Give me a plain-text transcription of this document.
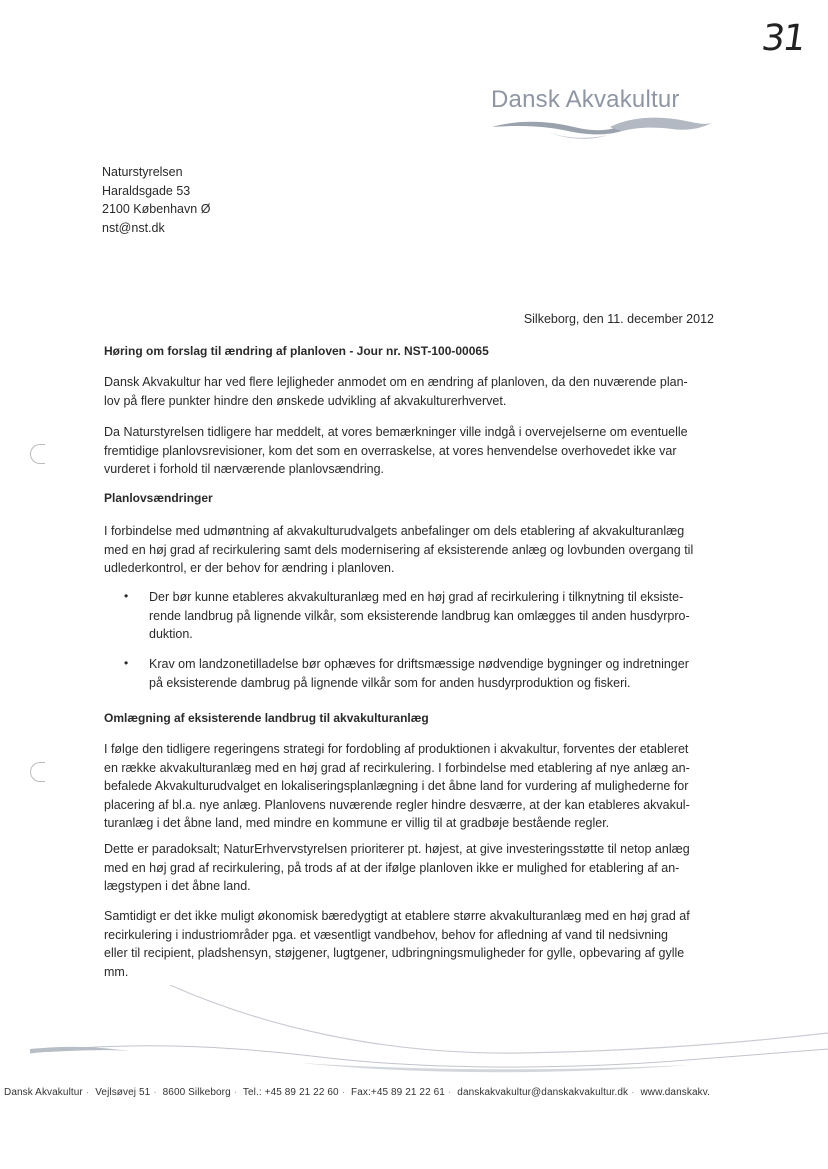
31
Dansk Akvakultur
Naturstyrelsen
Haraldsgade 53
2100 København Ø
nst@nst.dk
Silkeborg, den 11. december 2012
Høring om forslag til ændring af planloven - Jour nr. NST-100-00065
Dansk Akvakultur har ved flere lejligheder anmodet om en ændring af planloven, da den nuværende plan-
lov på flere punkter hindre den ønskede udvikling af akvakulturerhvervet.
Da Naturstyrelsen tidligere har meddelt, at vores bemærkninger ville indgå i overvejelserne om eventuelle
fremtidige planlovsrevisioner, kom det som en overraskelse, at vores henvendelse overhovedet ikke var
vurderet i forhold til nærværende planlovsændring.
Planlovsændringer
I forbindelse med udmøntning af akvakulturudvalgets anbefalinger om dels etablering af akvakulturanlæg
med en høj grad af recirkulering samt dels modernisering af eksisterende anlæg og lovbunden overgang til
udlederkontrol, er der behov for ændring i planloven.
• Der bør kunne etableres akvakulturanlæg med en høj grad af recirkulering i tilknytning til eksiste-
rende landbrug på lignende vilkår, som eksisterende landbrug kan omlægges til anden husdyrpro-
duktion.
• Krav om landzonetilladelse bør ophæves for driftsmæssige nødvendige bygninger og indretninger
på eksisterende dambrug på lignende vilkår som for anden husdyrproduktion og fiskeri.
Omlægning af eksisterende landbrug til akvakulturanlæg
I følge den tidligere regeringens strategi for fordobling af produktionen i akvakultur, forventes der etableret
en række akvakulturanlæg med en høj grad af recirkulering. I forbindelse med etablering af nye anlæg an-
befalede Akvakulturudvalget en lokaliseringsplanlægning i det åbne land for vurdering af mulighederne for
placering af bl.a. nye anlæg. Planlovens nuværende regler hindre desværre, at der kan etableres akvakul-
turanlæg i det åbne land, med mindre en kommune er villig til at gradbøje bestående regler.
Dette er paradoksalt; NaturErhvervstyrelsen prioriterer pt. højest, at give investeringsstøtte til netop anlæg
med en høj grad af recirkulering, på trods af at der ifølge planloven ikke er mulighed for etablering af an-
lægstypen i det åbne land.
Samtidigt er det ikke muligt økonomisk bæredygtigt at etablere større akvakulturanlæg med en høj grad af
recirkulering i industriområder pga. et væsentligt vandbehov, behov for afledning af vand til nedsivning
eller til recipient, pladshensyn, støjgener, lugtgener, udbringningsmuligheder for gylle, opbevaring af gylle
mm.
Dansk Akvakultur · Vejlsøvej 51 · 8600 Silkeborg · Tel.: +45 89 21 22 60 · Fax:+45 89 21 22 61 · danskakvakultur@danskakvakultur.dk · www.danskakv.
